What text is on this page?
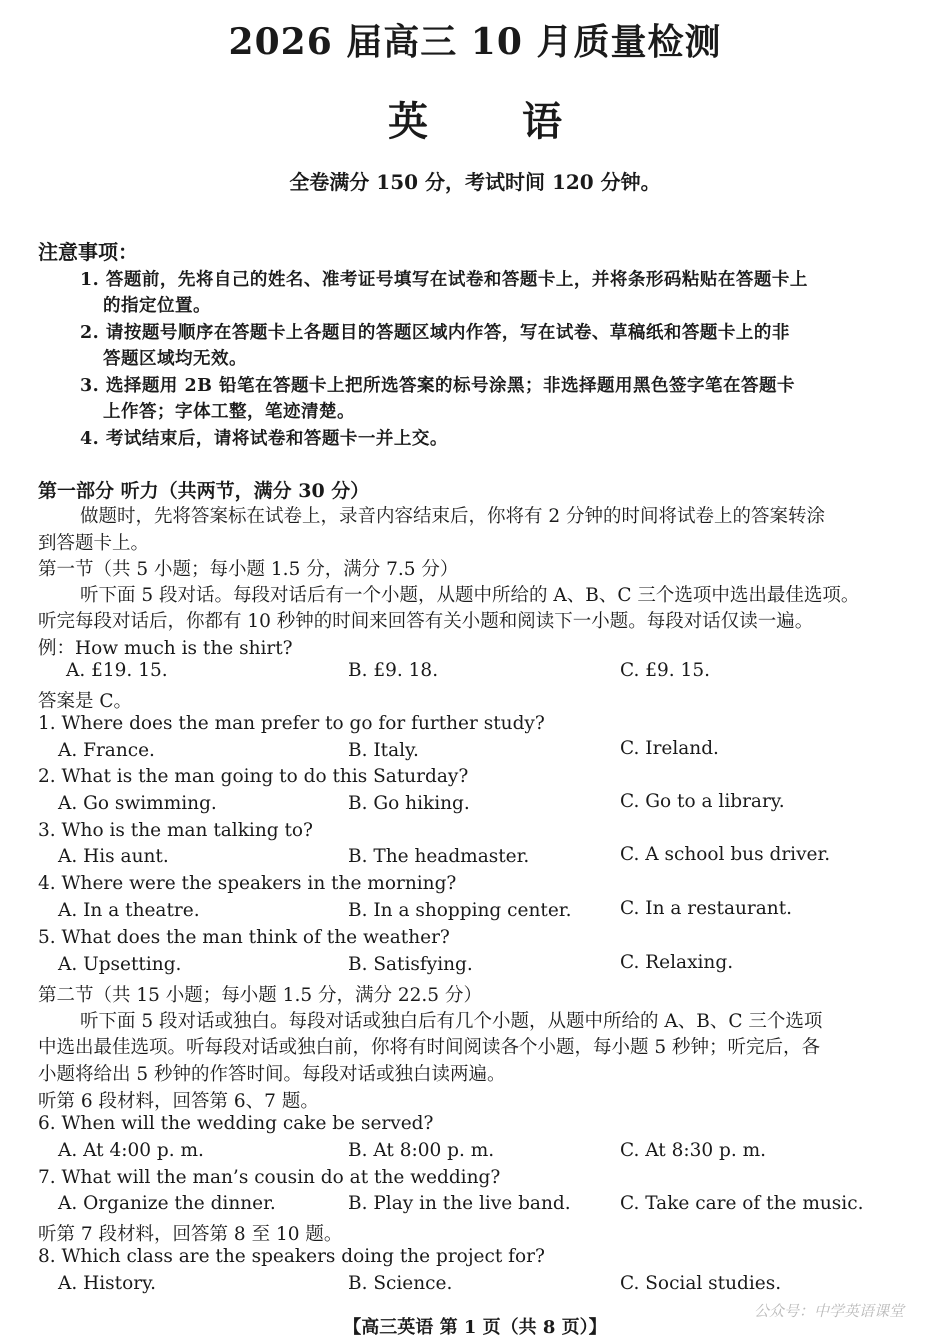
2026 届高三 10 月质量检测
英 语
全卷满分 150 分，考试时间 120 分钟。
注意事项：
1. 答题前，先将自己的姓名、准考证号填写在试卷和答题卡上，并将条形码粘贴在答题卡上
的指定位置。
2. 请按题号顺序在答题卡上各题目的答题区域内作答，写在试卷、草稿纸和答题卡上的非
答题区域均无效。
3. 选择题用 2B 铅笔在答题卡上把所选答案的标号涂黑；非选择题用黑色签字笔在答题卡
上作答；字体工整，笔迹清楚。
4. 考试结束后，请将试卷和答题卡一并上交。
第一部分 听力（共两节，满分 30 分）
做题时，先将答案标在试卷上，录音内容结束后，你将有 2 分钟的时间将试卷上的答案转涂
到答题卡上。
第一节（共 5 小题；每小题 1.5 分，满分 7.5 分）
听下面 5 段对话。每段对话后有一个小题，从题中所给的 A、B、C 三个选项中选出最佳选项。
听完每段对话后，你都有 10 秒钟的时间来回答有关小题和阅读下一小题。每段对话仅读一遍。
例：How much is the shirt?
A. £19. 15.	B. £9. 18.	C. £9. 15.
答案是 C。
1. Where does the man prefer to go for further study?
A. France.	B. Italy.	C. Ireland.
2. What is the man going to do this Saturday?
A. Go swimming.	B. Go hiking.	C. Go to a library.
3. Who is the man talking to?
A. His aunt.	B. The headmaster.	C. A school bus driver.
4. Where were the speakers in the morning?
A. In a theatre.	B. In a shopping center.	C. In a restaurant.
5. What does the man think of the weather?
A. Upsetting.	B. Satisfying.	C. Relaxing.
第二节（共 15 小题；每小题 1.5 分，满分 22.5 分）
听下面 5 段对话或独白。每段对话或独白后有几个小题，从题中所给的 A、B、C 三个选项
中选出最佳选项。听每段对话或独白前，你将有时间阅读各个小题，每小题 5 秒钟；听完后，各
小题将给出 5 秒钟的作答时间。每段对话或独白读两遍。
听第 6 段材料，回答第 6、7 题。
6. When will the wedding cake be served?
A. At 4:00 p. m.	B. At 8:00 p. m.	C. At 8:30 p. m.
7. What will the man’s cousin do at the wedding?
A. Organize the dinner.	B. Play in the live band.	C. Take care of the music.
听第 7 段材料，回答第 8 至 10 题。
8. Which class are the speakers doing the project for?
A. History.	B. Science.	C. Social studies.
公众号：中学英语课堂
【高三英语 第 1 页（共 8 页）】
